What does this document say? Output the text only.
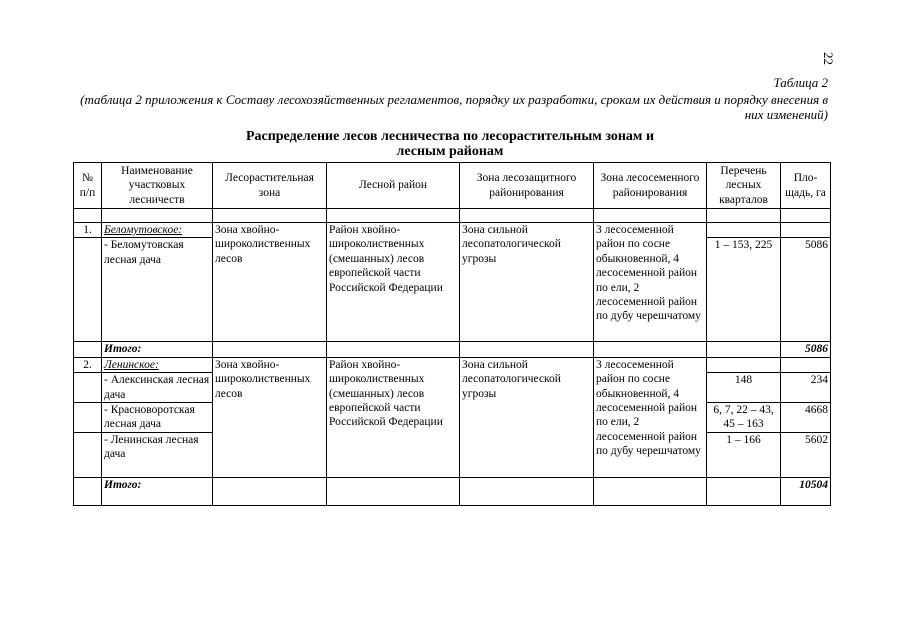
22
Таблица 2
(таблица 2 приложения к Составу лесохозяйственных регламентов, порядку их разработки, срокам их действия и порядку внесения в них изменений)
Распределение лесов лесничества по лесорастительным зонам и
лесным районам
№ п/п	Наименование участковых лесничеств	Лесорастительная зона	Лесной район	Зона лесозащитного районирования	Зона лесосеменного районирования	Перечень лесных кварталов	Пло-щадь, га

1.	Беломутовское:	Зона хвойно-широколиственных лесов	Район хвойно-широколиственных (смешанных) лесов европейской части Российской Федерации	Зона сильной лесопатологической угрозы	3 лесосеменной район по сосне обыкновенной, 4 лесосеменной район по ели, 2 лесосеменной район по дубу черешчатому		
	- Беломутовская лесная дача					1 – 153, 225	5086
	Итого:						5086
2.	Ленинское:	Зона хвойно-широколиственных лесов	Район хвойно-широколиственных (смешанных) лесов европейской части Российской Федерации	Зона сильной лесопатологической угрозы	3 лесосеменной район по сосне обыкновенной, 4 лесосеменной район по ели, 2 лесосеменной район по дубу черешчатому		
	- Алексинская лесная дача					148	234
	- Красноворотская лесная дача					6, 7, 22 – 43, 45 – 163	4668
	- Ленинская лесная дача					1 – 166	5602
	Итого:						10504
